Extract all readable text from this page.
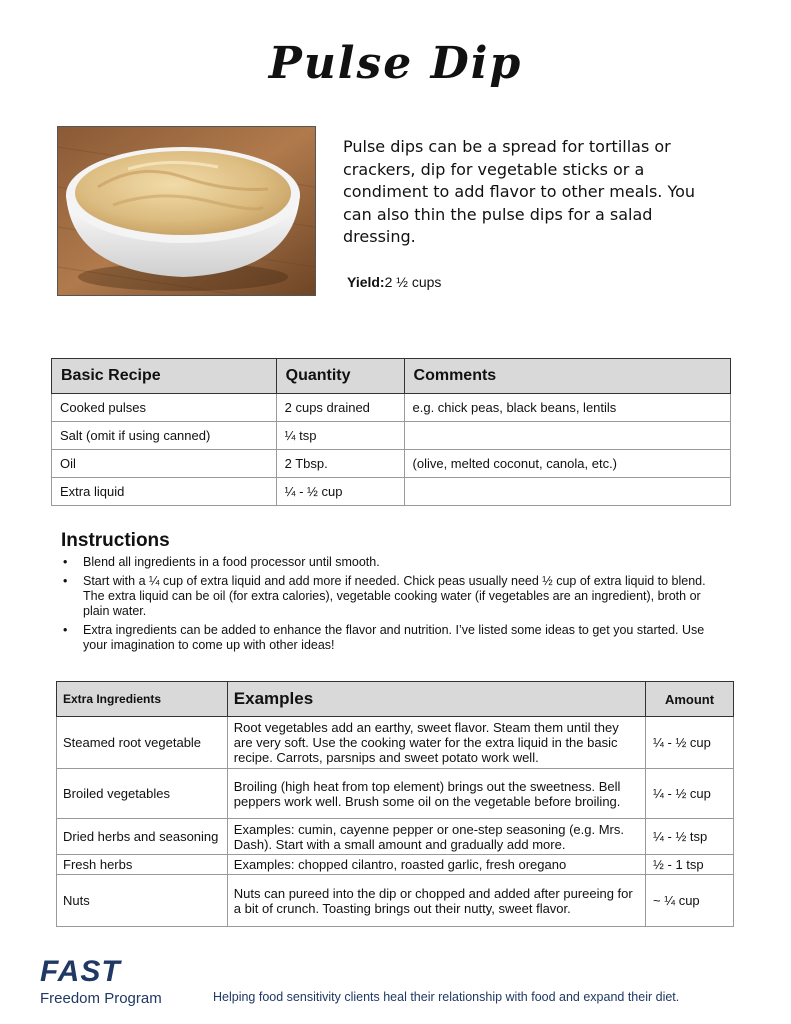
Pulse Dip
Pulse dips can be a spread for tortillas or crackers, dip for vegetable sticks or a condiment to add flavor to other meals. You can also thin the pulse dips for a salad dressing.
Yield:2 ½ cups
Basic Recipe	Quantity	Comments
Cooked pulses	2 cups drained	e.g. chick peas, black beans, lentils
Salt (omit if using canned)	¼ tsp	
Oil	2 Tbsp.	(olive, melted coconut, canola, etc.)
Extra liquid	¼ - ½ cup	
Instructions
• Blend all ingredients in a food processor until smooth.
• Start with a ¼ cup of extra liquid and add more if needed. Chick peas usually need ½ cup of extra liquid to blend. The extra liquid can be oil (for extra calories), vegetable cooking water (if vegetables are an ingredient), broth or plain water.
• Extra ingredients can be added to enhance the flavor and nutrition. I’ve listed some ideas to get you started. Use your imagination to come up with other ideas!
Extra Ingredients	Examples	Amount
Steamed root vegetable	Root vegetables add an earthy, sweet flavor. Steam them until they are very soft. Use the cooking water for the extra liquid in the basic recipe. Carrots, parsnips and sweet potato work well.	¼ - ½ cup
Broiled vegetables	Broiling (high heat from top element) brings out the sweetness. Bell peppers work well. Brush some oil on the vegetable before broiling.	¼ - ½ cup
Dried herbs and seasoning	Examples: cumin, cayenne pepper or one-step seasoning (e.g. Mrs. Dash). Start with a small amount and gradually add more.	¼ - ½ tsp
Fresh herbs	Examples: chopped cilantro, roasted garlic, fresh oregano	½ - 1 tsp
Nuts	Nuts can pureed into the dip or chopped and added after pureeing for a bit of crunch. Toasting brings out their nutty, sweet flavor.	~ ¼ cup
FAST
Freedom Program	Helping food sensitivity clients heal their relationship with food and expand their diet.
